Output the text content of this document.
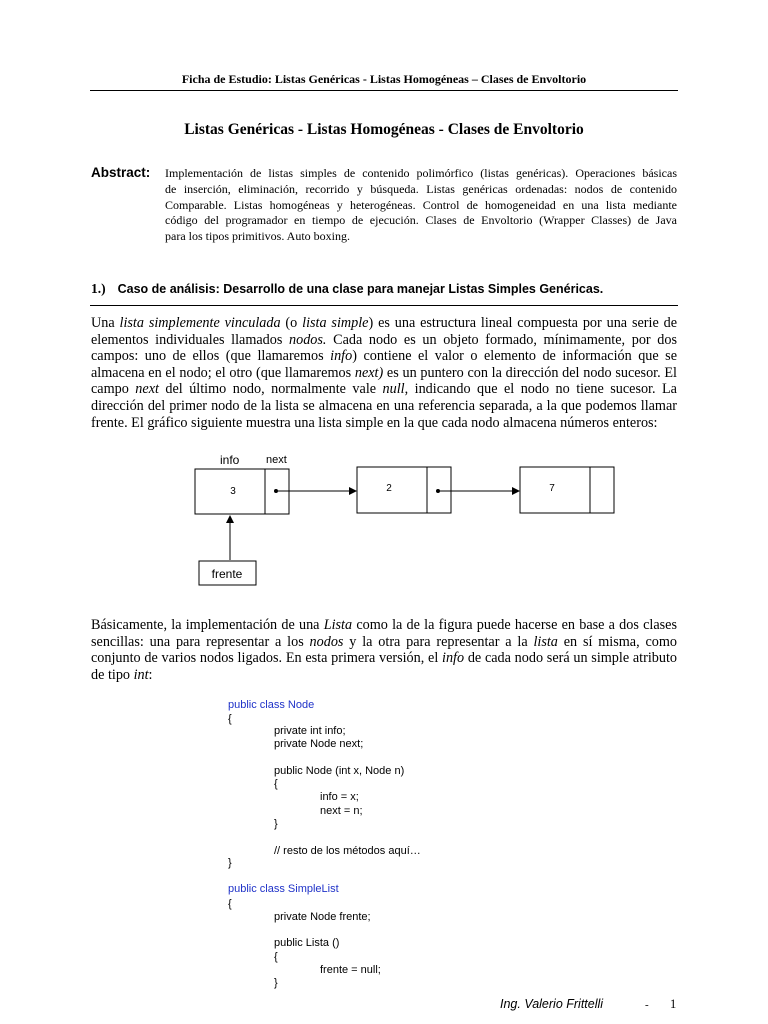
Ficha de Estudio: Listas Genéricas - Listas Homogéneas – Clases de Envoltorio
Listas Genéricas - Listas Homogéneas - Clases de Envoltorio
Abstract: Implementación de listas simples de contenido polimórfico (listas genéricas). Operaciones básicas
de inserción, eliminación, recorrido y búsqueda. Listas genéricas ordenadas: nodos de contenido
Comparable. Listas homogéneas y heterogéneas. Control de homogeneidad en una lista mediante
código del programador en tiempo de ejecución. Clases de Envoltorio (Wrapper Classes) de Java
para los tipos primitivos. Auto boxing.
1.) Caso de análisis: Desarrollo de una clase para manejar Listas Simples Genéricas.
Una lista simplemente vinculada (o lista simple) es una estructura lineal compuesta por una serie de
elementos individuales llamados nodos. Cada nodo es un objeto formado, mínimamente, por dos
campos: uno de ellos (que llamaremos info) contiene el valor o elemento de información que se
almacena en el nodo; el otro (que llamaremos next) es un puntero con la dirección del nodo sucesor. El
campo next del último nodo, normalmente vale null, indicando que el nodo no tiene sucesor. La
dirección del primer nodo de la lista se almacena en una referencia separada, a la que podemos llamar
frente. El gráfico siguiente muestra una lista simple en la que cada nodo almacena números enteros:
info next
3	2	7
frente
Básicamente, la implementación de una Lista como la de la figura puede hacerse en base a dos clases
sencillas: una para representar a los nodos y la otra para representar a la lista en sí misma, como
conjunto de varios nodos ligados. En esta primera versión, el info de cada nodo será un simple atributo
de tipo int:
public class Node
{
private int info;
private Node next;
public Node (int x, Node n)
{
info = x;
next = n;
}
// resto de los métodos aquí…
}
public class SimpleList
{
private Node frente;
public Lista ()
{
frente = null;
}
Ing. Valerio Frittelli	- 1
